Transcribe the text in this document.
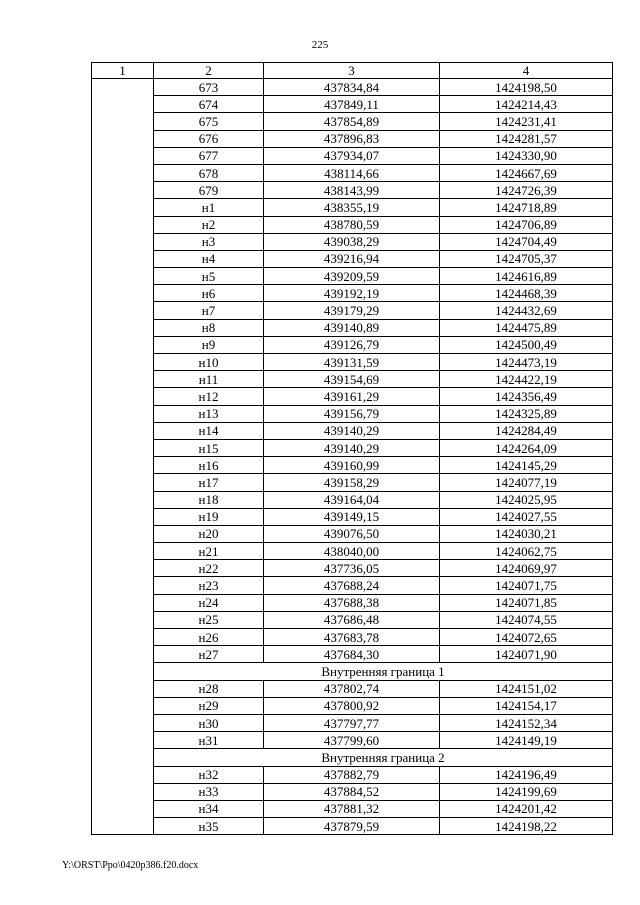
225
1	2	3	4
	673	437834,84	1424198,50
	674	437849,11	1424214,43
	675	437854,89	1424231,41
	676	437896,83	1424281,57
	677	437934,07	1424330,90
	678	438114,66	1424667,69
	679	438143,99	1424726,39
	н1	438355,19	1424718,89
	н2	438780,59	1424706,89
	н3	439038,29	1424704,49
	н4	439216,94	1424705,37
	н5	439209,59	1424616,89
	н6	439192,19	1424468,39
	н7	439179,29	1424432,69
	н8	439140,89	1424475,89
	н9	439126,79	1424500,49
	н10	439131,59	1424473,19
	н11	439154,69	1424422,19
	н12	439161,29	1424356,49
	н13	439156,79	1424325,89
	н14	439140,29	1424284,49
	н15	439140,29	1424264,09
	н16	439160,99	1424145,29
	н17	439158,29	1424077,19
	н18	439164,04	1424025,95
	н19	439149,15	1424027,55
	н20	439076,50	1424030,21
	н21	438040,00	1424062,75
	н22	437736,05	1424069,97
	н23	437688,24	1424071,75
	н24	437688,38	1424071,85
	н25	437686,48	1424074,55
	н26	437683,78	1424072,65
	н27	437684,30	1424071,90
	Внутренняя граница 1		
	н28	437802,74	1424151,02
	н29	437800,92	1424154,17
	н30	437797,77	1424152,34
	н31	437799,60	1424149,19
	Внутренняя граница 2		
	н32	437882,79	1424196,49
	н33	437884,52	1424199,69
	н34	437881,32	1424201,42
	н35	437879,59	1424198,22
Y:\ORST\Ppo\0420p386.f20.docx
